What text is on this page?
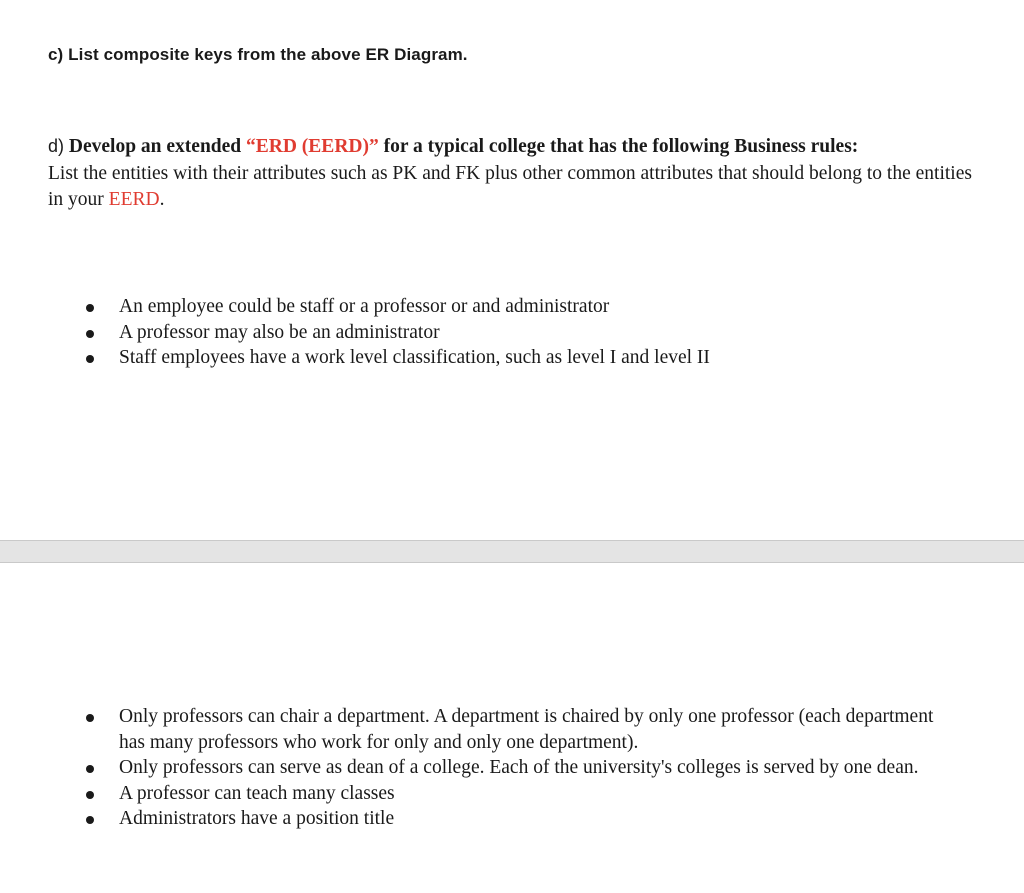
c) List composite keys from the above ER Diagram.
d) Develop an extended “ERD (EERD)” for a typical college that has the following Business rules:
List the entities with their attributes such as PK and FK plus other common attributes that should belong to the entities in your EERD.
An employee could be staff or a professor or and administrator
A professor may also be an administrator
Staff employees have a work level classification, such as level I and level II
Only professors can chair a department. A department is chaired by only one professor (each department has many professors who work for only and only one department).
Only professors can serve as dean of a college. Each of the university's colleges is served by one dean.
A professor can teach many classes
Administrators have a position title
